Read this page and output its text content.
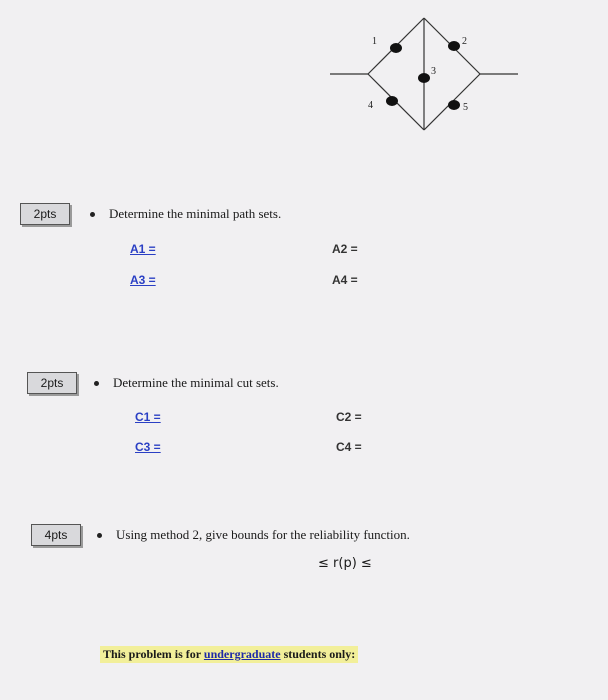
1	2
3
4	5
2pts	Determine the minimal path sets.
A1 =	A2 =
A3 =	A4 =
2pts	Determine the minimal cut sets.
C1 =	C2 =
C3 =	C4 =
4pts	Using method 2, give bounds for the reliability function.
≤ r(p) ≤
This problem is for undergraduate students only:
